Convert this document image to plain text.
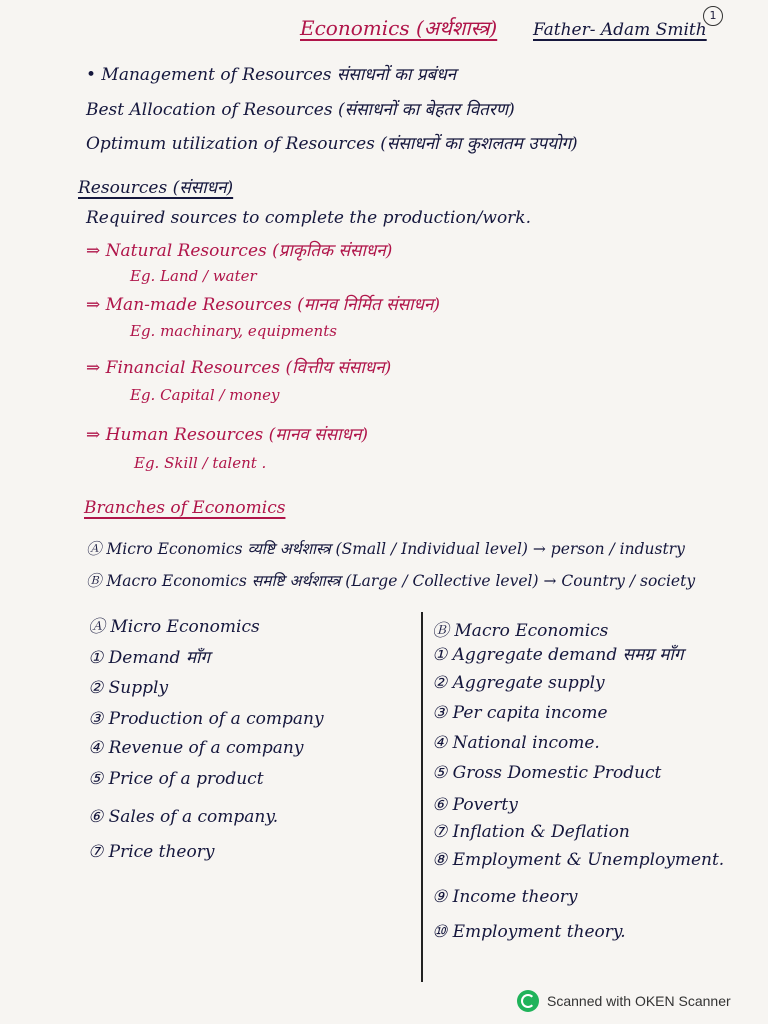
1
Economics (अर्थशास्त्र) Father- Adam Smith
• Management of Resources संसाधनों का प्रबंधन
Best Allocation of Resources (संसाधनों का बेहतर वितरण)
Optimum utilization of Resources (संसाधनों का कुशलतम उपयोग)
Resources (संसाधन)
Required sources to complete the production/work.
⇒ Natural Resources (प्राकृतिक संसाधन)
Eg. Land / water
⇒ Man-made Resources (मानव निर्मित संसाधन)
Eg. machinary, equipments
⇒ Financial Resources (वित्तीय संसाधन)
Eg. Capital / money
⇒ Human Resources (मानव संसाधन)
Eg. Skill / talent .
Branches of Economics
Ⓐ Micro Economics व्यष्टि अर्थशास्त्र (Small / Individual level) → person / industry
Ⓑ Macro Economics समष्टि अर्थशास्त्र (Large / Collective level) → Country / society
Ⓐ Micro Economics
① Demand माँग
② Supply
③ Production of a company
④ Revenue of a company
⑤ Price of a product
⑥ Sales of a company.
⑦ Price theory
Ⓑ Macro Economics
① Aggregate demand समग्र माँग
② Aggregate supply
③ Per capita income
④ National income.
⑤ Gross Domestic Product
⑥ Poverty
⑦ Inflation & Deflation
⑧ Employment & Unemployment.
⑨ Income theory
⑩ Employment theory.
Scanned with OKEN Scanner
